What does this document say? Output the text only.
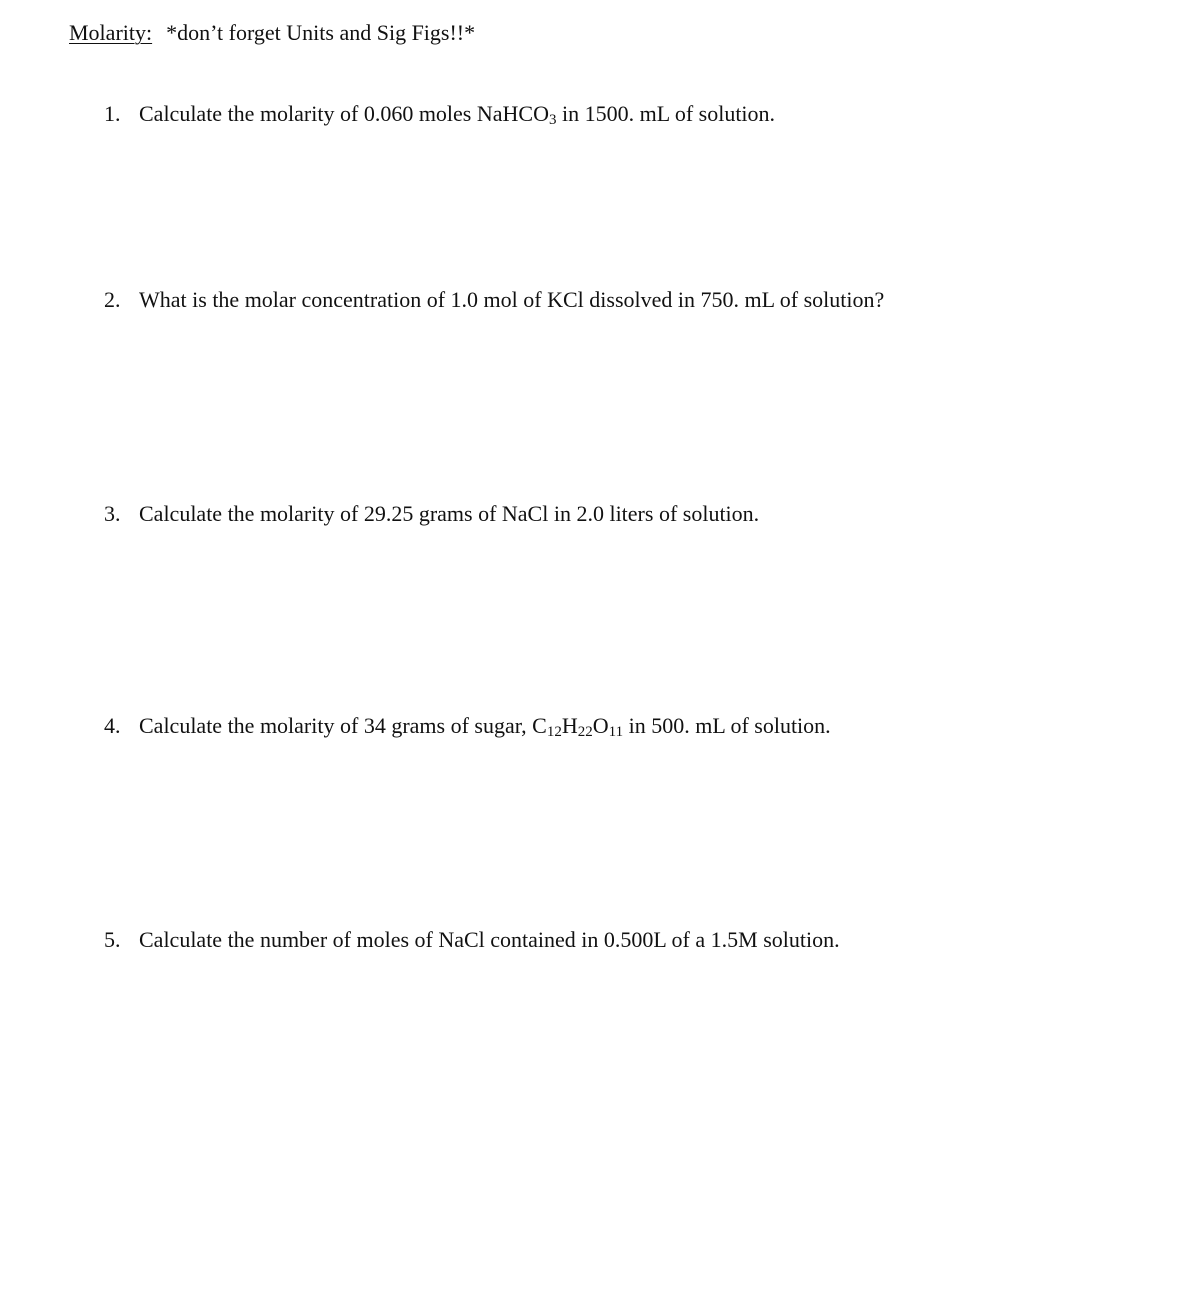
Molarity: *don’t forget Units and Sig Figs!!*
1. Calculate the molarity of 0.060 moles NaHCO$_3$ in 1500. mL of solution.
2. What is the molar concentration of 1.0 mol of KCl dissolved in 750. mL of solution?
3. Calculate the molarity of 29.25 grams of NaCl in 2.0 liters of solution.
4. Calculate the molarity of 34 grams of sugar, $C_{12}H_{22}O_{11}$ in 500. mL of solution.
5. Calculate the number of moles of NaCl contained in 0.500L of a 1.5M solution.
